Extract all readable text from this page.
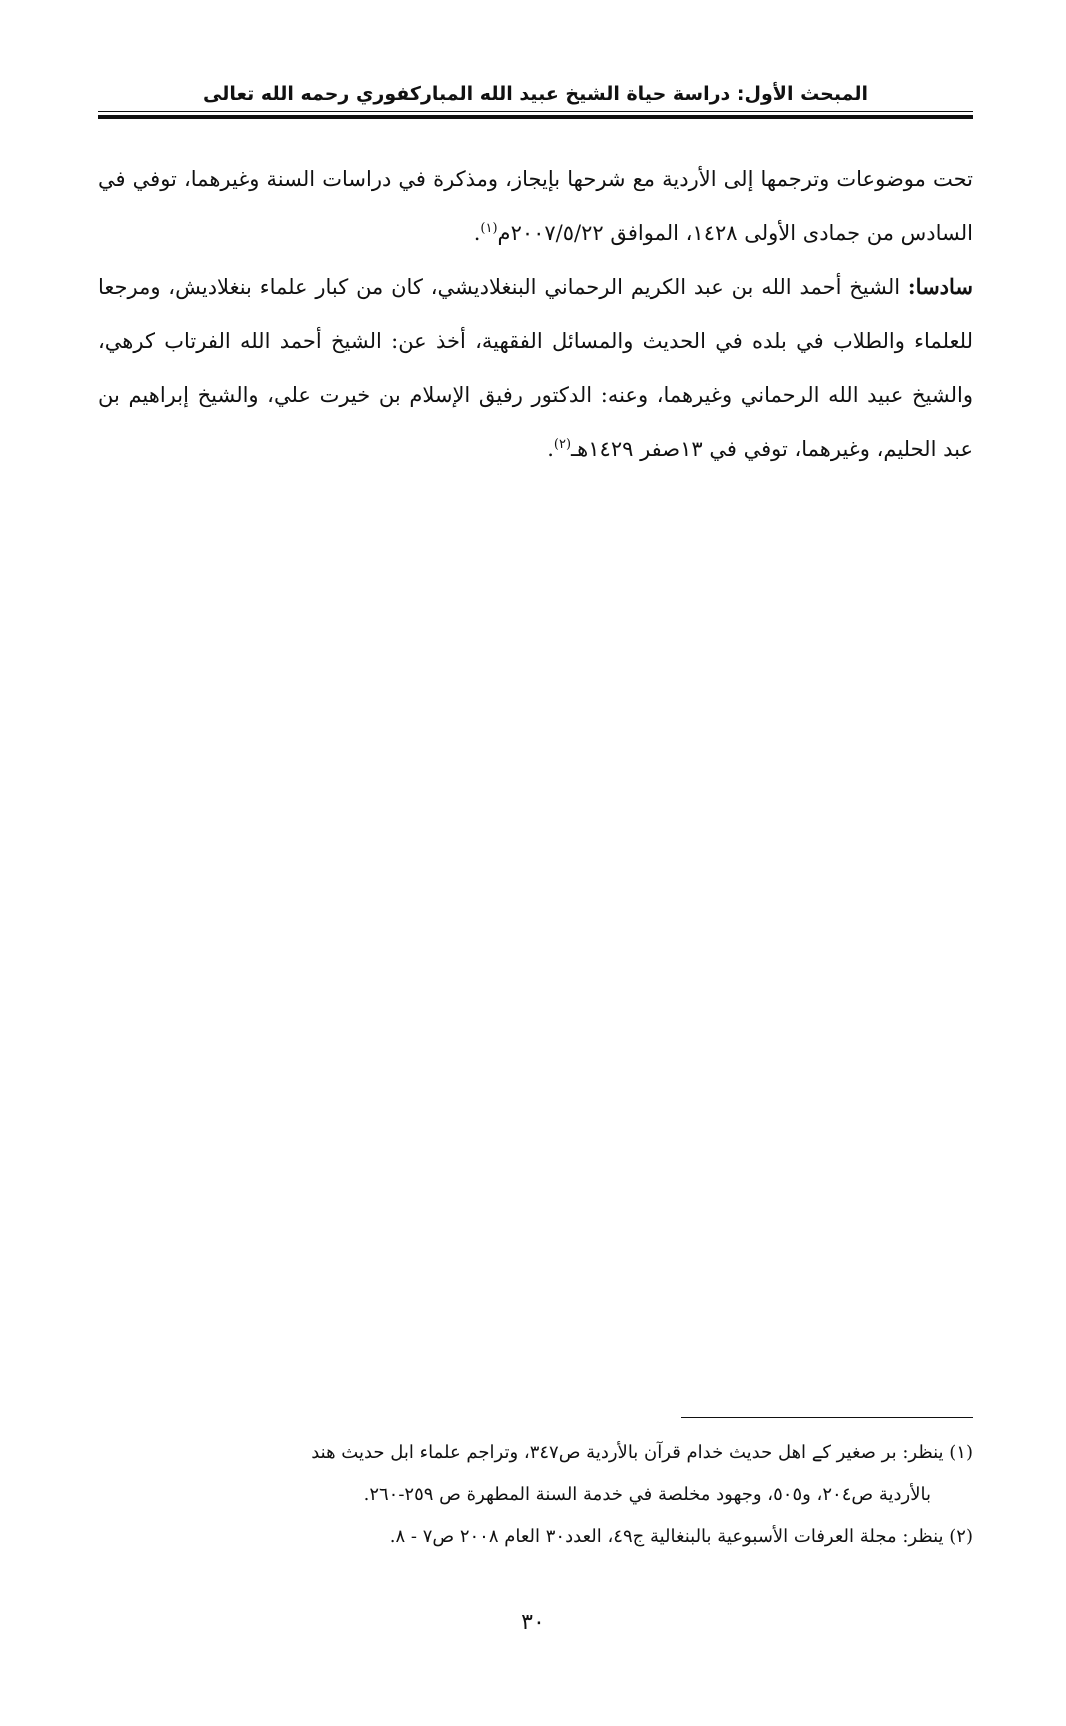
المبحث الأول: دراسة حياة الشيخ عبيد الله المباركفوري رحمه الله تعالى

تحت موضوعات وترجمها إلى الأردية مع شرحها بإيجاز، ومذكرة في دراسات السنة وغيرهما، توفي في السادس من جمادى الأولى ١٤٢٨، الموافق ٢٠٠٧/٥/٢٢م$^{(١)}$.

سادسا: الشيخ أحمد الله بن عبد الكريم الرحماني البنغلاديشي، كان من كبار علماء بنغلاديش، ومرجعا للعلماء والطلاب في بلده في الحديث والمسائل الفقهية، أخذ عن: الشيخ أحمد الله الفرتاب كرهي، والشيخ عبيد الله الرحماني وغيرهما، وعنه: الدكتور رفيق الإسلام بن خيرت علي، والشيخ إبراهيم بن عبد الحليم، وغيرهما، توفي في ١٣صفر ١٤٢٩هـ$^{(٢)}$.

(١) ينظر: بر صغير كے اهل حديث خدام قرآن بالأردية ص٣٤٧، وتراجم علماء ابل حديث هند

بالأردية ص٢٠٤، و٥٠٥، وجهود مخلصة في خدمة السنة المطهرة ص ٢٥٩-٢٦٠.

(٢) ينظر: مجلة العرفات الأسبوعية بالبنغالية ج٤٩، العدد٣٠ العام ٢٠٠٨ ص٧ - ٨.

٣٠
